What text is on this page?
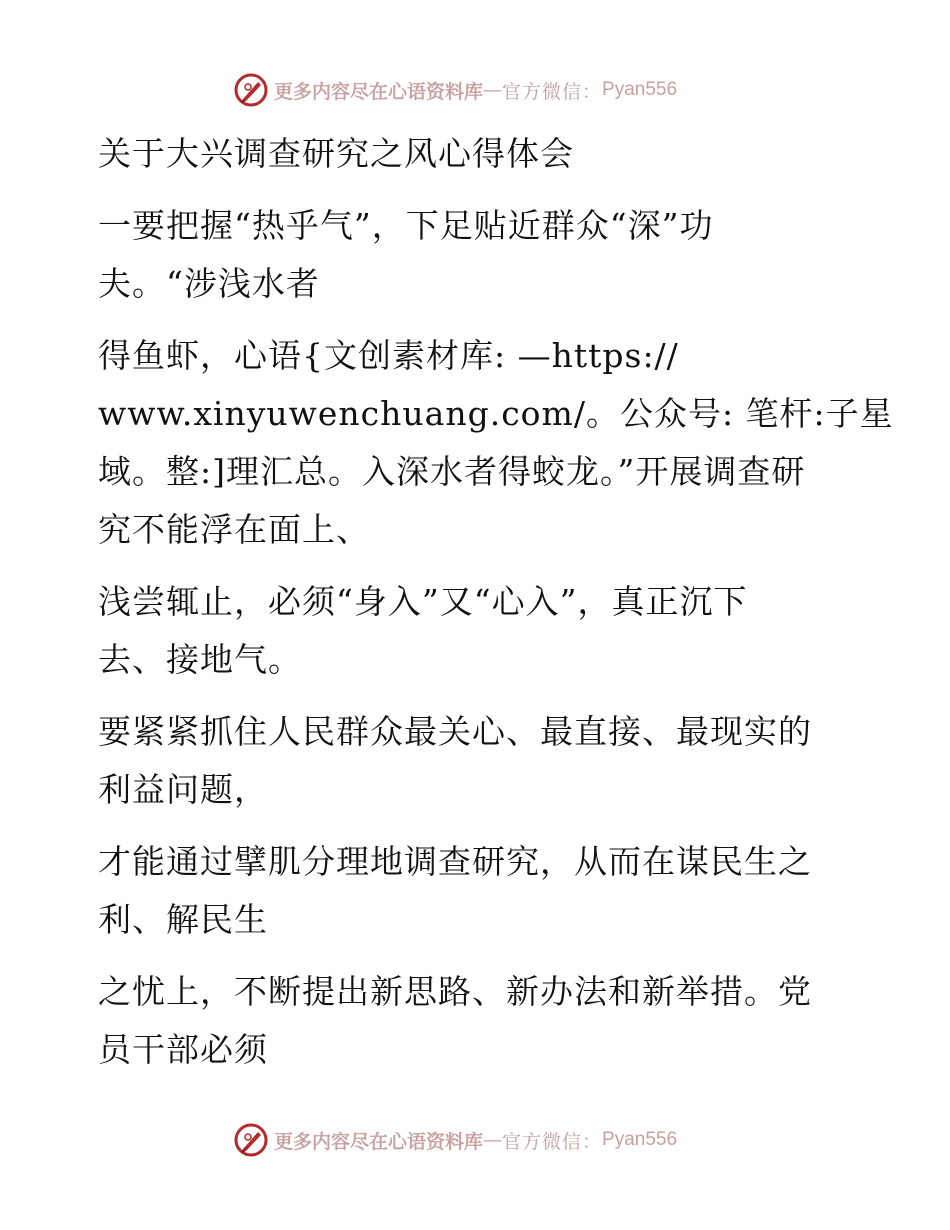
更多内容尽在心语资料库 — 官方微信： Pyan556

关于大兴调查研究之风心得体会

一要把握“热乎气”，下足贴近群众“深”功

夫。“涉浅水者

得鱼虾，心语{文创素材库: —https://

www.xinyuwenchuang.com/。公众号: 笔杆:子星

域。整:]理汇总。入深水者得蛟龙。”开展调查研

究不能浮在面上、

浅尝辄止，必须“身入”又“心入”，真正沉下

去、接地气。

要紧紧抓住人民群众最关心、最直接、最现实的

利益问题，

才能通过擘肌分理地调查研究，从而在谋民生之

利、解民生

之忧上，不断提出新思路、新办法和新举措。党

员干部必须

更多内容尽在心语资料库 — 官方微信： Pyan556
